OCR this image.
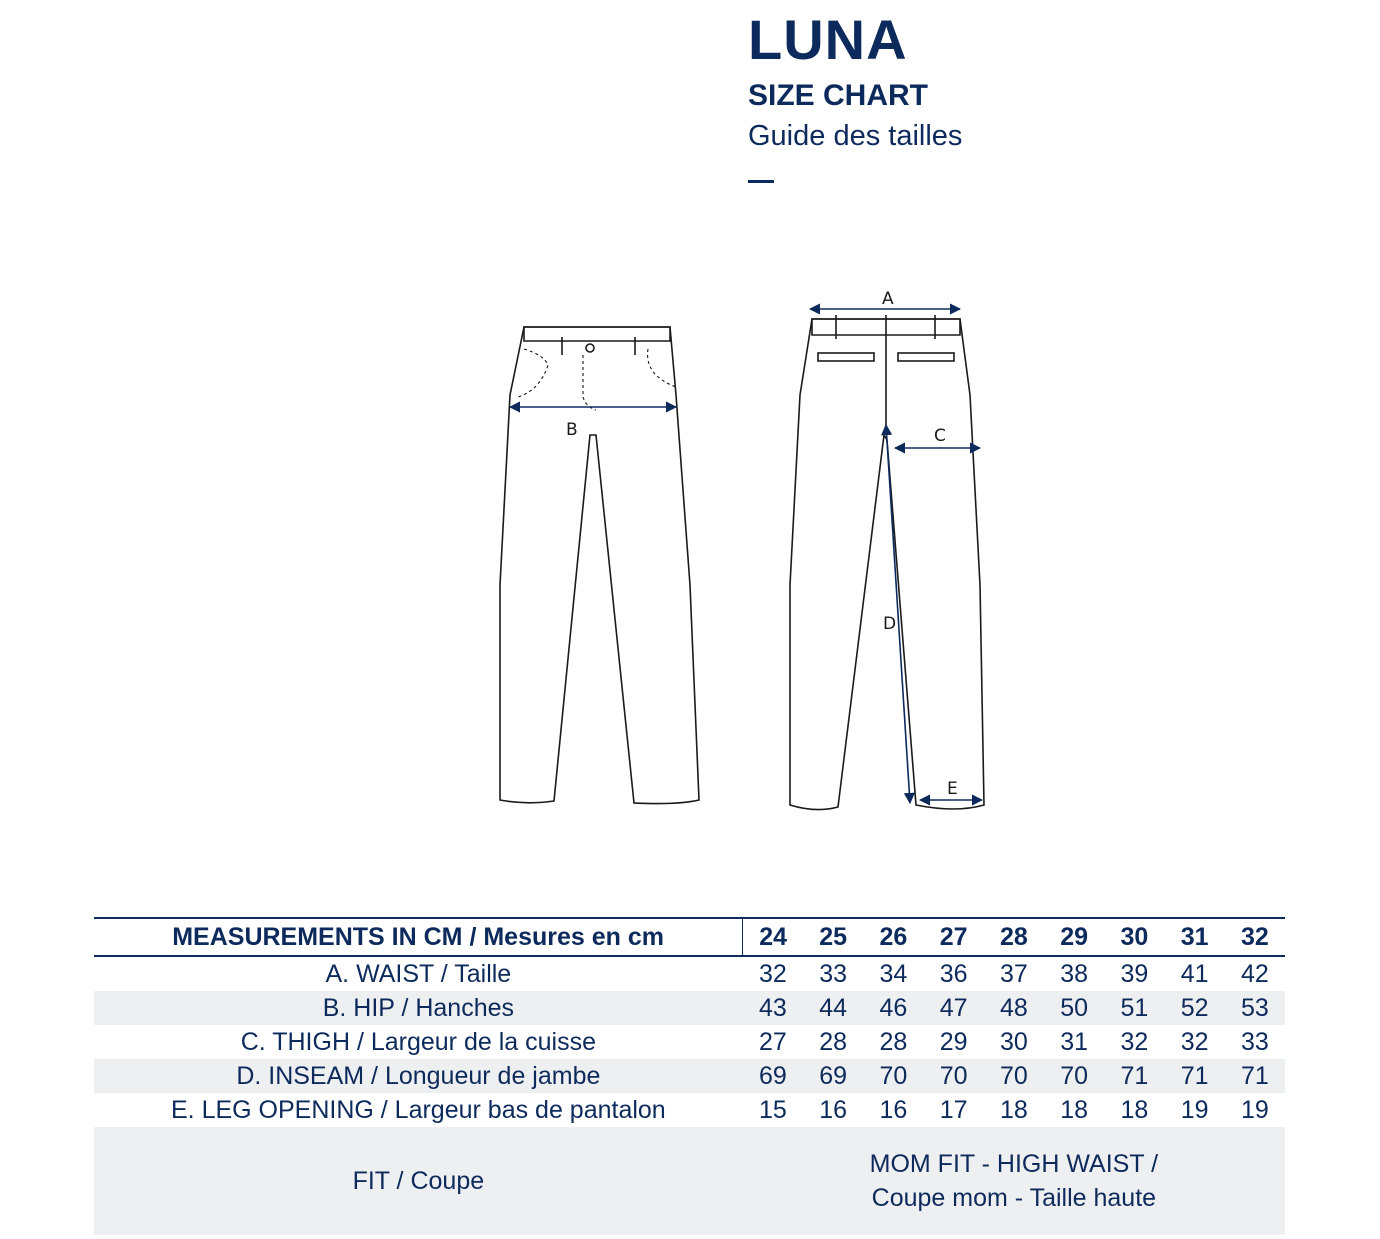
LUNA
SIZE CHART
Guide des tailles
B
A
C
D
E
MEASUREMENTS IN CM / Mesures en cm	24	25	26	27	28	29	30	31	32
A. WAIST / Taille	32	33	34	36	37	38	39	41	42
B. HIP / Hanches	43	44	46	47	48	50	51	52	53
C. THIGH / Largeur de la cuisse	27	28	28	29	30	31	32	32	33
D. INSEAM / Longueur de jambe	69	69	70	70	70	70	71	71	71
E. LEG OPENING / Largeur bas de pantalon	15	16	16	17	18	18	18	19	19
FIT / Coupe	MOM FIT - HIGH WAIST /
Coupe mom - Taille haute								
